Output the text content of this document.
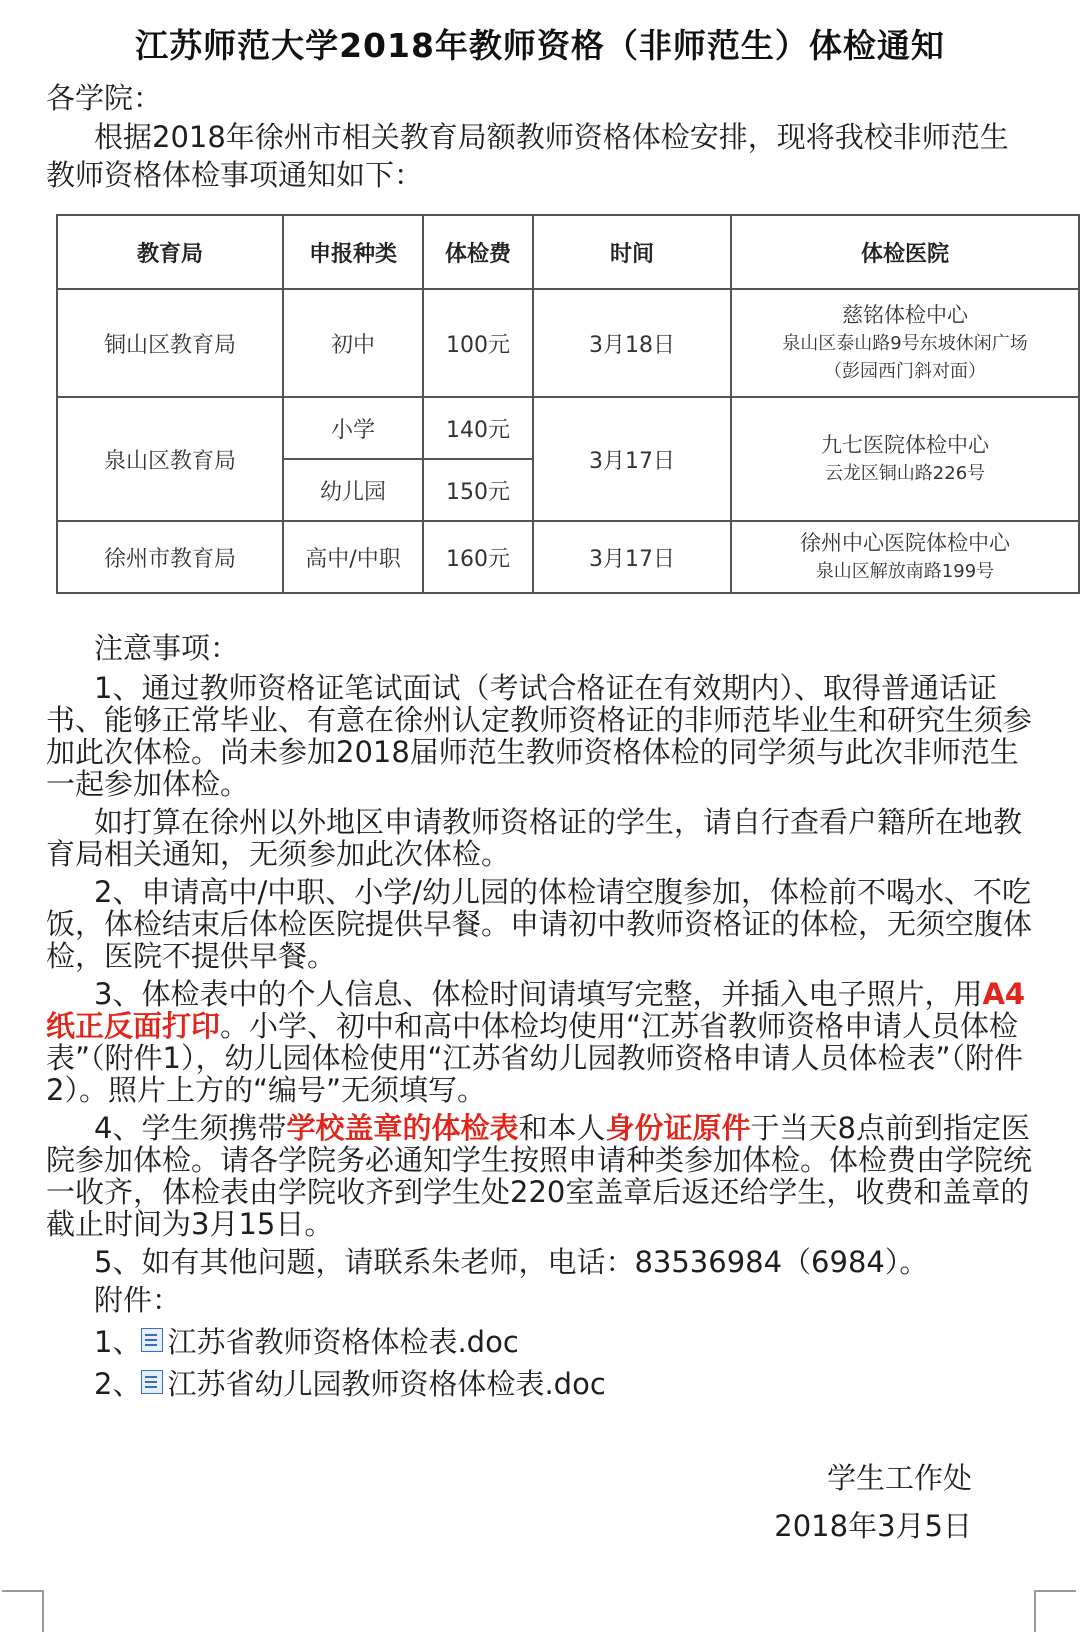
江苏师范大学2018年教师资格（非师范生）体检通知
各学院：
根据2018年徐州市相关教育局额教师资格体检安排，现将我校非师范生教师资格体检事项通知如下：
教育局	申报种类	体检费	时间	体检医院
铜山区教育局	初中	100元	3月18日	慈铭体检中心
泉山区泰山路9号东坡休闲广场
（彭园西门斜对面）

泉山区教育局	小学	140元	3月17日	九七医院体检中心
云龙区铜山路226号

	幼儿园	150元		
徐州市教育局	高中/中职	160元	3月17日	徐州中心医院体检中心
泉山区解放南路199号

注意事项：

1、通过教师资格证笔试面试（考试合格证在有效期内）、取得普通话证书、能够正常毕业、有意在徐州认定教师资格证的非师范毕业生和研究生须参加此次体检。尚未参加2018届师范生教师资格体检的同学须与此次非师范生一起参加体检。

如打算在徐州以外地区申请教师资格证的学生，请自行查看户籍所在地教育局相关通知，无须参加此次体检。

2、申请高中/中职、小学/幼儿园的体检请空腹参加，体检前不喝水、不吃饭，体检结束后体检医院提供早餐。申请初中教师资格证的体检，无须空腹体检，医院不提供早餐。

3、体检表中的个人信息、体检时间请填写完整，并插入电子照片，用A4纸正反面打印。小学、初中和高中体检均使用“江苏省教师资格申请人员体检表”（附件1），幼儿园体检使用“江苏省幼儿园教师资格申请人员体检表”（附件2）。照片上方的“编号”无须填写。

4、学生须携带学校盖章的体检表和本人身份证原件于当天8点前到指定医院参加体检。请各学院务必通知学生按照申请种类参加体检。体检费由学院统一收齐，体检表由学院收齐到学生处220室盖章后返还给学生，收费和盖章的截止时间为3月15日。

5、如有其他问题，请联系朱老师，电话：83536984（6984）。

附件：

1、 江苏省教师资格体检表.doc
2、 江苏省幼儿园教师资格体检表.doc
学生工作处
2018年3月5日
